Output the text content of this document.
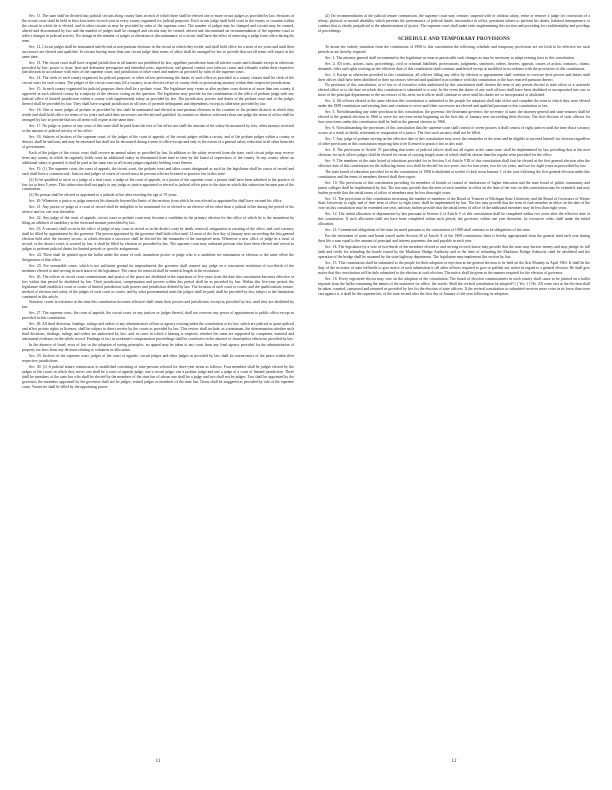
Sec. 11. The state shall be divided into judicial circuits along county lines in each of which there shall be elected one or more circuit judges as provided by law. Sessions of the circuit court shall be held at least four times in each year in every county organized for judicial purposes. Each circuit judge shall hold court in the county or counties within the circuit in which he is elected, and in other circuits as may be provided by rules of the supreme court. The number of judges may be changed and circuits may be created, altered and discontinued by law and the number of judges shall be changed and circuits may be created, altered and discontinued on recommendation of the supreme court to reflect changes in judicial activity. No change in the number of judges or alteration or discontinuance of a circuit shall have the effect of removing a judge from office during his term.

Sec. 12. Circuit judges shall be nominated and elected at non-partisan elections in the circuit in which they reside, and shall hold office for a term of six years and until their successors are elected and qualified. In circuits having more than one circuit judge their terms of office shall be arranged by law to provide that not all terms will expire at the same time.

Sec. 13. The circuit court shall have original jurisdiction in all matters not prohibited by law; appellate jurisdiction from all inferior courts and tribunals except as otherwise provided by law; power to issue, hear and determine prerogative and remedial writs; supervisory and general control over inferior courts and tribunals within their respective jurisdictions in accordance with rules of the supreme court; and jurisdiction of other cases and matters as provided by rules of the supreme court.

Sec. 14. The clerk of each county organized for judicial purposes or other officer performing the duties of such office as provided in a county charter shall be clerk of the circuit court for such county. The judges of the circuit court may fill a vacancy in an elective office of county clerk or prosecuting attorney within their respective jurisdictions.

Sec. 15. In each county organized for judicial purposes there shall be a probate court. The legislature may create or alter probate court districts of more than one county if approved in each affected county by a majority of the electors voting on the question. The legislature may provide for the combination of the office of probate judge with any judicial office of limited jurisdiction within a county with supplemental salary as provided by law. The jurisdiction, powers and duties of the probate court and of the judges thereof shall be provided by law. They shall have original jurisdiction in all cases of juvenile delinquents and dependents, except as otherwise provided by law.

Sec. 16. One or more judges of probate as provided by law shall be nominated and elected at non-partisan elections in the counties or the probate districts in which they reside and shall hold office for terms of six years and until their successors are elected and qualified. In counties or districts with more than one judge the terms of office shall be arranged by law to provide that not all terms will expire at the same time.

Sec. 17. No judge or justice of any court of this state shall be paid from the fees of his office nor shall the amount of his salary be measured by fees, other moneys received or the amount of judicial activity of his office.

Sec. 18. Salaries of justices of the supreme court, of the judges of the court of appeals, of the circuit judges within a circuit, and of the probate judges within a county or district, shall be uniform, and may be increased but shall not be decreased during a term of office except and only to the extent of a general salary reduction in all other branches of government.

Each of the judges of the circuit court shall receive an annual salary as provided by law. In addition to the salary received from the state, each circuit judge may receive from any county in which he regularly holds court an additional salary as determined from time to time by the board of supervisors of the county. In any county where an additional salary is granted, it shall be paid at the same rate to all circuit judges regularly holding court therein.

Sec. 19. (1) The supreme court, the court of appeals, the circuit court, the probate court and other courts designated as such by the legislature shall be courts of record and each shall have a common seal. Justices and judges of courts of record must be persons who are licensed to practice law in this state.

(2) To be qualified to serve as a judge of a trial court, a judge of the court of appeals, or a justice of the supreme court, a person shall have been admitted to the practice of law for at least 5 years. This subsection shall not apply to any judge or justice appointed or elected to judicial office prior to the date on which this subsection became part of the constitution.

(3) No person shall be elected or appointed to a judicial office after reaching the age of 70 years.

Sec. 20. Whenever a justice or judge removes his domicile beyond the limits of the territory from which he was elected or appointed he shall have vacated his office.

Sec. 21. Any justice or judge of a court of record shall be ineligible to be nominated for or elected to an elective office other than a judicial office during the period of his service and for one year thereafter.

Sec. 22. Any judge of the court of appeals, circuit court or probate court may become a candidate in the primary election for the office of which he is the incumbent by filing an affidavit of candidacy in the form and manner prescribed by law.

Sec. 23. A vacancy shall occur in the office of judge of any court of record or in the district court by death, removal, resignation or vacating of the office, and such vacancy shall be filled by appointment by the governor. The person appointed by the governor shall hold office until 12 noon of the first day of January next succeeding the first general election held after the vacancy occurs, at which election a successor shall be elected for the remainder of the unexpired term. Whenever a new office of judge in a court of record, or the district court, is created by law, it shall be filled by election as provided by law. The supreme court may authorize persons who have been elected and served as judges to perform judicial duties for limited periods or specific assignments.

Sec. 24. There shall be printed upon the ballot under the name of each incumbent justice or judge who is a candidate for nomination or election to the same office the designation of that office.

Sec. 25. For reasonable cause, which is not sufficient ground for impeachment, the governor shall remove any judge on a concurrent resolution of two-thirds of the members elected to and serving in each house of the legislature. The cause for removal shall be stated at length in the resolution.

Sec. 26. The offices of circuit court commissioner and justice of the peace are abolished at the expiration of five years from the date this constitution becomes effective or less within that period be abolished by law. Their jurisdiction, compensation and powers within this period shall be as provided by law. Within this five-year period, the legislature shall establish a court or courts of limited jurisdiction with powers and jurisdiction defined by law. The location of such court or courts, and the qualifications, tenure, method of election and salary of the judges of such court or courts, and by what governmental units the judges shall be paid, shall be provided by law, subject to the limitations contained in this article.

Statutory courts in existence at the time this constitution becomes effective shall retain their powers and jurisdiction, except as provided by law, until they are abolished by law.

Sec. 27. The supreme court, the court of appeals, the circuit court, or any justices or judges thereof, shall not exercise any power of appointment to public office except as provided in this constitution.

Sec. 28. All final decisions, findings, rulings and orders of any administrative officer or agency existing under the constitution or by law, which are judicial or quasi-judicial and affect private rights or licenses, shall be subject to direct review by the courts as provided by law. This review shall include, as a minimum, the determination whether such final decisions, findings, rulings and orders are authorized by law; and, in cases in which a hearing is required, whether the same are supported by competent, material and substantial evidence on the whole record. Findings of fact in workmen's compensation proceedings shall be conclusive in the absence of fraud unless otherwise provided by law.

In the absence of fraud, error of law or the adoption of wrong principles, no appeal may be taken to any court from any final agency provided for the administration of property tax laws from any decision relating to valuation or allocation.

Sec. 29. Justices of the supreme court, judges of the court of appeals, circuit judges and other judges as provided by law shall be conservators of the peace within their respective jurisdictions.

Sec. 30. (1) A judicial tenure commission is established consisting of nine persons selected for three-year terms as follows: Four members shall be judges elected by the judges of the courts in which they serve; one shall be a court of appeals judge, one a circuit judge, one a probate judge and one a judge of a court of limited jurisdiction. Three shall be members of the state bar who shall be elected by the members of the state bar of whom one shall be a judge and two shall not be judges. Two shall be appointed by the governor; the members appointed by the governor shall not be judges, retired judges or members of the state bar. Terms shall be staggered as provided by rule of the supreme court. Vacancies shall be filled by the appointing power.

(2) On recommendation of the judicial tenure commission, the supreme court may censure, suspend with or without salary, retire or remove a judge for conviction of a felony, physical or mental disability which prevents the performance of judicial duties, misconduct in office, persistent failure to perform his duties, habitual intemperance or conduct that is clearly prejudicial to the administration of justice. The supreme court shall make rules implementing this section and providing for confidentiality and privilege of proceedings.

SCHEDULE AND TEMPORARY PROVISIONS

To insure the orderly transition from the constitution of 1908 to this constitution the following schedule and temporary provisions are set forth to be effective for such periods as are thereby required.

Sec. 1. The attorney general shall recommend to the legislature as soon as practicable such changes as may be necessary to adapt existing laws to this constitution.

Sec. 2. All writs, actions, suits, proceedings, civil or criminal liabilities, prosecutions, judgments, sentences, orders, decrees, appeals, causes of action, contracts, claims, demands, titles and rights existing on the effective date of this constitution shall continue unaffected except as modified in accordance with the provisions of this constitution.

Sec. 3. Except as otherwise provided in this constitution, all officers filling any office by election or appointment shall continue to exercise their powers and duties until their offices shall have been abolished or their successors selected and qualified in accordance with this constitution or the laws enacted pursuant thereto.

No provision of this constitution, or of law or of executive order authorized by this constitution shall shorten the term of any person elected to state office or a statewide elected office or to the date on which this constitution is submitted to a vote. In the event the duties of any such officers shall have been abolished or incorporated into one or more of the principal departments or the successors of his term, such officer shall continue to serve until his duties are so incorporated or abolished.

Sec. 4. All officers elected at the same election this constitution is submitted to the people for adoption shall take office and complete the term to which they were elected under the 1908 constitution and existing laws and continue to serve until their successors are elected and qualified pursuant to this constitution or law.

Sec. 5. Notwithstanding any other provision in this constitution, the governor, the lieutenant governor, the secretary of state, the attorney general and state senators shall be elected at the general election in 1966 to serve for two-year terms beginning on the first day of January next succeeding their election. The first election of such officers for four-year terms under this constitution shall be held at the general election in 1966.

Sec. 6. Notwithstanding the provisions of this constitution that the supreme court shall consist of seven justices it shall consist of eight justices until the time that a vacancy occurs as a result of death, retirement or resignation of a justice. The first such vacancy shall not be filled.

Sec. 7. Any judge of probate serving on the effective date of this constitution may serve the remainder of the term and be eligible to succeed himself for election regardless of other provisions in this constitution requiring him to be licensed to practice law in this state.

Sec. 8. The provisions of Article VI providing that terms of judicial offices shall not all expire at the same time, shall be implemented by law providing that at the next elections for such offices judges shall be elected for terms of varying length, none of which shall be shorter than the regular term provided for the office.

Sec. 9. The members of the state board of education provided for in Section 3 of Article VIII of this constitution shall first be elected at the first general election after the effective date of this constitution for the following terms: two shall be elected for two years, two for four years, two for six years, and two for eight years as prescribed by law.

The state board of education provided for in the constitution of 1908 is abolished at twelve o'clock noon January 1 of the year following the first general election under this constitution and the terms of members thereof shall then expire.

Sec. 10. The provisions of this constitution providing for members of boards of control of institutions of higher education and the state board of public community and junior colleges shall be implemented by law. The law may provide that the term of each member in office on the date of the vote on this constitution may be extended, and may further provide that the initial terms of office of members may be less than eight years.

Sec. 11. The provisions of this constitution increasing the number of members of the Board of Trustees of Michigan State University and the Board of Governors of Wayne State University to eight, and of their term of office to eight years, shall be implemented by law. The law may provide that the term of each member in office on the date of the vote on this constitution may be extended one year, and may further provide that the initial terms of office of the additional members may be less than eight years.

Sec. 12. The initial allocation of departments by law pursuant to Section 2 of Article V of this constitution shall be completed within two years after the effective date of this constitution. If such allocation shall not have been completed within such period, the governor, within one year thereafter, by executive order, shall make the initial allocation.

Sec. 13. Commercial obligations of the state incurred pursuant to the constitution of 1908 shall continue to be obligations of the state.

For the retirement of notes and bonds issued under Section 26 of Article X of the 1908 constitution, there is hereby appropriated from the general fund each year during their life a sum equal to the amount of principal and interest payments due and payable in each year.

Sec. 14. The legislature by a vote of two-thirds of the members elected to and serving in each house may provide that the state may borrow money and may pledge its full faith and credit for refunding the bonds issued by the Mackinac Bridge Authority and at the time of refunding the Mackinac Bridge Authority shall be abolished and the operation of the bridge shall be assumed by the state highway department. The legislature may implement this section by law.

Sec. 15. This constitution shall be submitted to the people for their adoption or rejection at the general election to be held on the first Monday in April 1963. It shall be the duty of the secretary of state forthwith to give notice of such submission to all other officers required to give or publish any notice in regard to a general election. He shall give notice that this constitution will be duly submitted to the electors at such election. The notice shall be given in the manner required for the election of governor.

Sec. 16. Every registered elector may vote on the adoption of the constitution. The board of election commissioners in each county shall cause to be printed on a ballot separate from the ballot containing the names of the nominees for office, the words: Shall the revised constitution be adopted? ( ) Yes. ( ) No. All votes cast at the election shall be taken, counted, canvassed and returned as provided by law for the election of state officers. If the revised constitution so submitted receives more votes in its favor than were cast against it, it shall be the supreme law of the state on and after the first day of January of the year following its adoption.

11	12
